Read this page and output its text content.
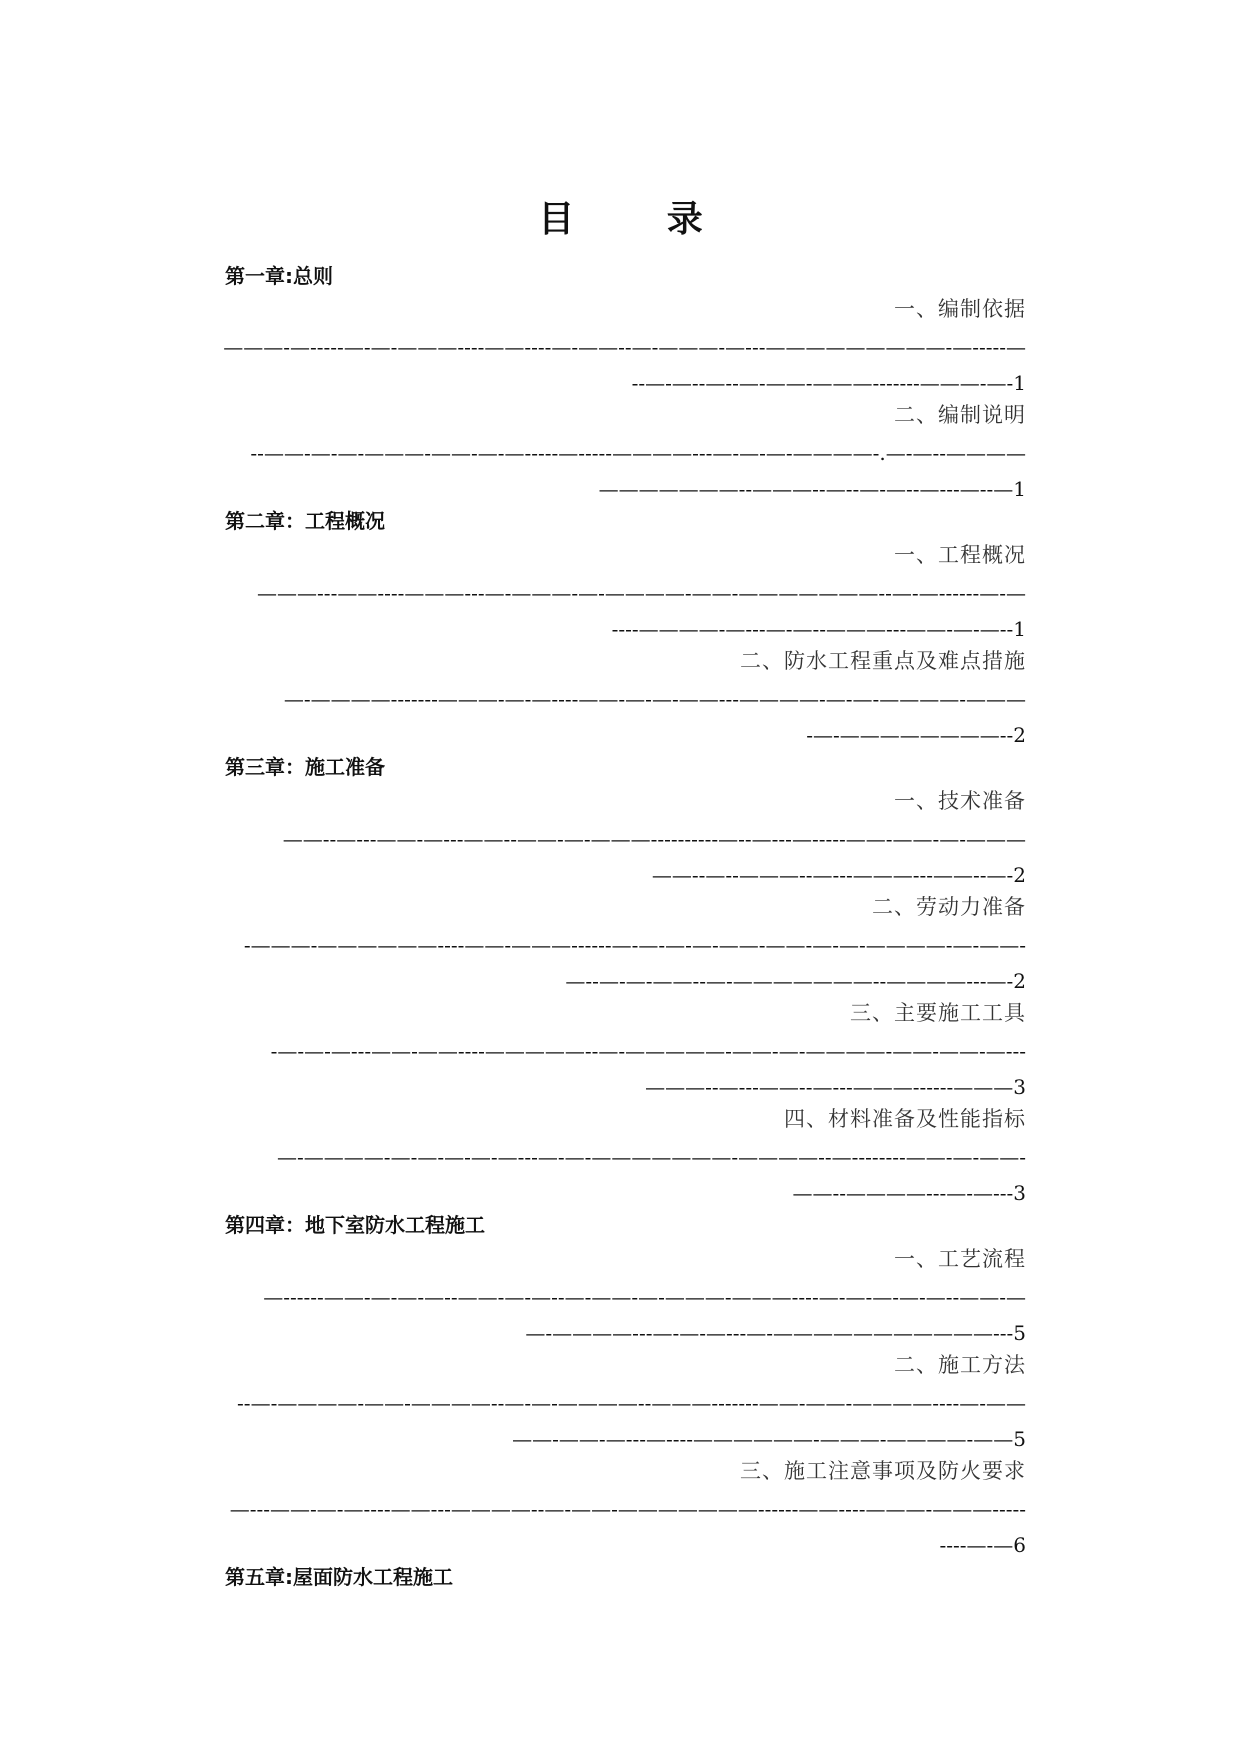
目 录
第一章:总则
一、编制依据
———-—-----—-—-———----——----—-——--—-———-—---—————————-—-----—
--—-—--—--—-——-———-------———-—-1
二、编制说明
--——-—-—-———-——-—-—-----—-----————---—-—-—-————-.—-—--————
———————--———--—--—-—--—---—--—1
第二章：工程概况
一、工程概况
———---——----———---—-———-—-————-——-———————--—-—------—-—
----————-—---—-—--———---——-—-—--1
二、防水工程重点及难点措施
—-————-------———-—-—----——-—-—-——---————-—-—-————-———
-—-————————--2
第三章：施工准备
一、技术准备
——--—---——-—---——--——-—-———----------—--—---—-----——-——-—-———
——--—--———--—---———---——--—-2
二、劳动力准备
-———-——————----——-———------—-—-—-—-——-——-—-—-————-—-——-
—--—-—-——--—-———————--————---—-2
三、主要施工工具
-—-—-—---——-——----—————--—-—————-——-—-————-——-——-—---
———--—---——--—---———------———3
四、材料准备及性能指标
—-————-—-—-—-—-—---—-—-———————-————--—--------——-—-——-
——--————---—-—---3
第四章：地下室防水工程施工
一、工艺流程
—------——-—-—-—--——-—-—--—-——-—-———-———----—-—-—-—-—--——-—
—-————---—-—-—---—-———————————---5
二、施工方法
--—-————-——-————--—-—-————--———-------——-——-————----—-——
——-——-—---—----——————-———-————-——5
三、施工注意事项及防火要求
—---——-—-—----——---————--—-——-———————------——----———-———-----
----—-—6
第五章:屋面防水工程施工
